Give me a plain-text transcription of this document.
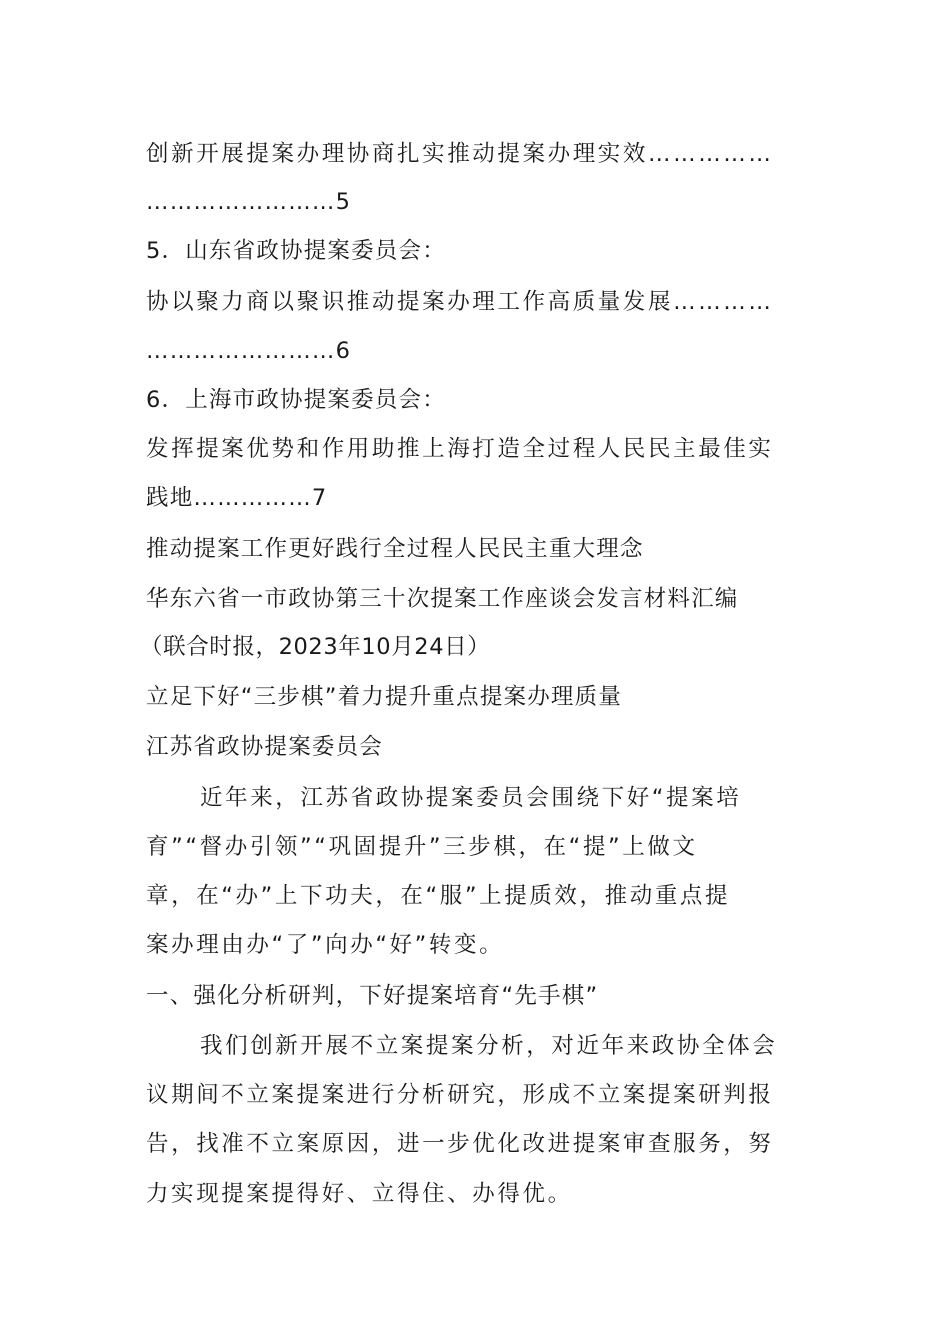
创新开展提案办理协商扎实推动提案办理实效……………
……………………5
5．山东省政协提案委员会：
协以聚力商以聚识推动提案办理工作高质量发展…………
……………………6
6．上海市政协提案委员会：
发挥提案优势和作用助推上海打造全过程人民民主最佳实
践地……………7
推动提案工作更好践行全过程人民民主重大理念
华东六省一市政协第三十次提案工作座谈会发言材料汇编
（联合时报，2023年10月24日）
立足下好“三步棋”着力提升重点提案办理质量
江苏省政协提案委员会
近年来，江苏省政协提案委员会围绕下好“提案培
育”“督办引领”“巩固提升”三步棋，在“提”上做文
章，在“办”上下功夫，在“服”上提质效，推动重点提
案办理由办“了”向办“好”转变。
一、强化分析研判，下好提案培育“先手棋”
我们创新开展不立案提案分析，对近年来政协全体会
议期间不立案提案进行分析研究，形成不立案提案研判报
告，找准不立案原因，进一步优化改进提案审查服务，努
力实现提案提得好、立得住、办得优。
